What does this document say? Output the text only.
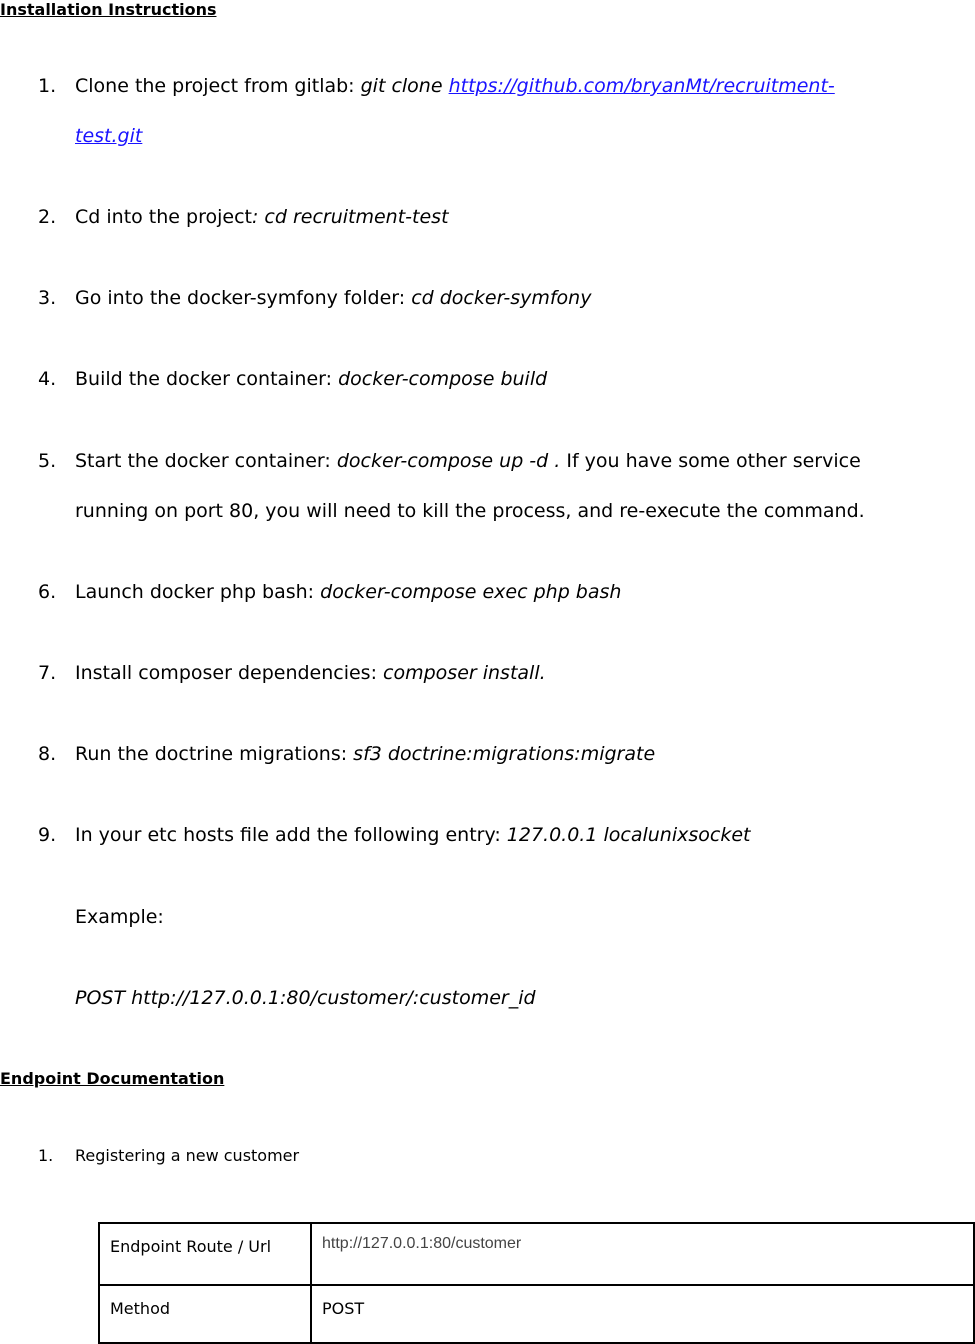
Installation Instructions
1. Clone the project from gitlab: git clone https://github.com/bryanMt/recruitment-
test.git
2. Cd into the project: cd recruitment-test
3. Go into the docker-symfony folder: cd docker-symfony
4. Build the docker container: docker-compose build
5. Start the docker container: docker-compose up -d . If you have some other service
running on port 80, you will need to kill the process, and re-execute the command.
6. Launch docker php bash: docker-compose exec php bash
7. Install composer dependencies: composer install.
8. Run the doctrine migrations: sf3 doctrine:migrations:migrate
9. In your etc hosts file add the following entry: 127.0.0.1 localunixsocket
Example:
POST http://127.0.0.1:80/customer/:customer_id
Endpoint Documentation
1. Registering a new customer
Endpoint Route / Url	http://127.0.0.1:80/customer

Method	POST
